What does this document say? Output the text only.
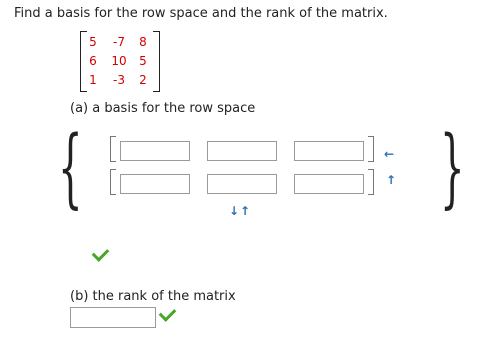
Find a basis for the row space and the rank of the matrix.
5	-7	8
6	10	5
1	-3	2
(a) a basis for the row space
{	}
←
↑
↓ ↑
(b) the rank of the matrix
